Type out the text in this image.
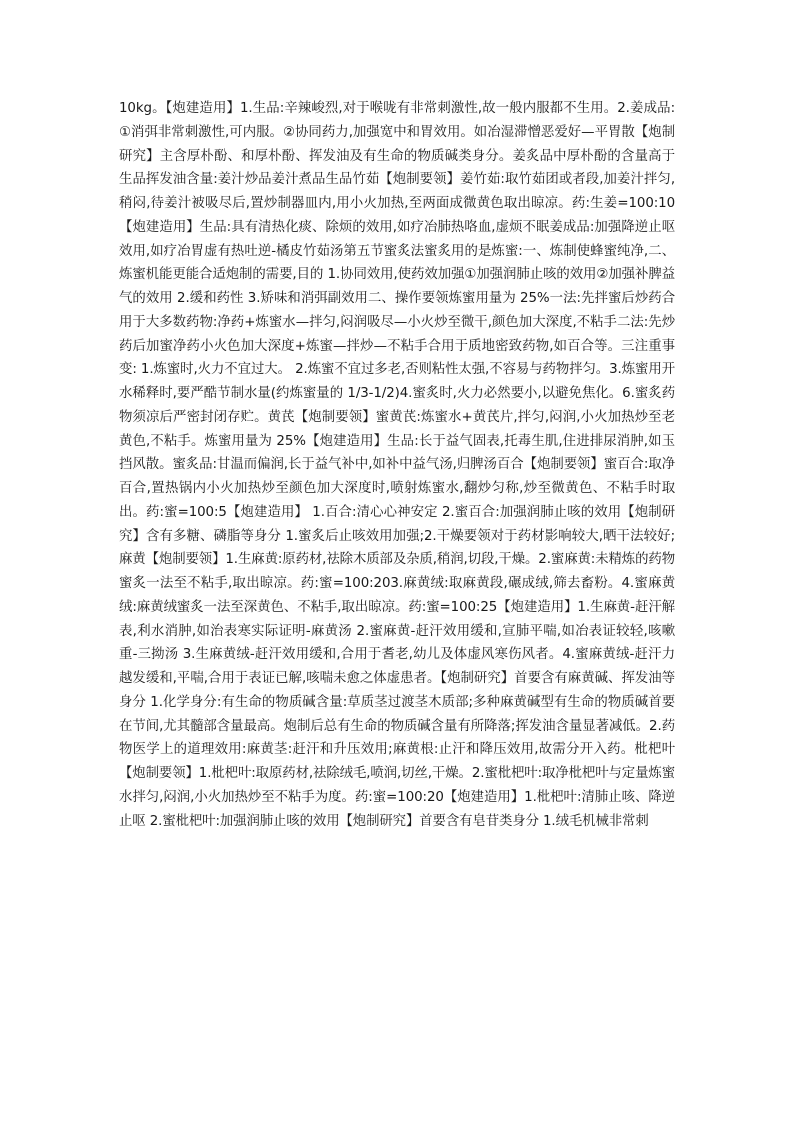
10kg。【炮建造用】1.生品:辛辣峻烈,对于喉咙有非常刺激性,故一般内服都不生用。2.姜成品:①消弭非常刺激性,可内服。②协同药力,加强宽中和胃效用。如冶湿滞憎恶爱好—平胃散【炮制研究】主含厚朴酚、和厚朴酚、挥发油及有生命的物质碱类身分。姜炙品中厚朴酚的含量高于生品挥发油含量:姜汁炒品姜汁煮品生品竹茹【炮制要领】姜竹茹:取竹茹团或者段,加姜汁拌匀,稍闷,待姜汁被吸尽后,置炒制器皿内,用小火加热,至两面成微黄色取出晾凉。药:生姜=100:10【炮建造用】生品:具有清热化痰、除烦的效用,如疗冶肺热咯血,虚烦不眠姜成品:加强降逆止呕效用,如疗冶胃虚有热吐逆-橘皮竹茹汤第五节蜜炙法蜜炙用的是炼蜜:一、炼制使蜂蜜纯净,二、炼蜜机能更能合适炮制的需要,目的 1.协同效用,使药效加强①加强润肺止咳的效用②加强补脾益气的效用 2.缓和药性 3.矫味和消弭副效用二、操作要领炼蜜用量为 25%一法:先拌蜜后炒药合用于大多数药物:净药+炼蜜水—拌匀,闷润吸尽—小火炒至微干,颜色加大深度,不粘手二法:先炒药后加蜜净药小火色加大深度+炼蜜—拌炒—不粘手合用于质地密致药物,如百合等。三注重事变: 1.炼蜜时,火力不宜过大。 2.炼蜜不宜过多老,否则粘性太强,不容易与药物拌匀。3.炼蜜用开水稀释时,要严酷节制水量(约炼蜜量的 1/3-1/2)4.蜜炙时,火力必然要小,以避免焦化。6.蜜炙药物须凉后严密封闭存贮。黄芪【炮制要领】蜜黄芪:炼蜜水+黄芪片,拌匀,闷润,小火加热炒至老黄色,不粘手。炼蜜用量为 25%【炮建造用】生品:长于益气固表,托毒生肌,住进排尿消肿,如玉挡风散。蜜炙品:甘温而偏润,长于益气补中,如补中益气汤,归脾汤百合【炮制要领】蜜百合:取净百合,置热锅内小火加热炒至颜色加大深度时,喷射炼蜜水,翻炒匀称,炒至微黄色、不粘手时取出。药:蜜=100:5【炮建造用】 1.百合:清心心神安定 2.蜜百合:加强润肺止咳的效用【炮制研究】含有多糖、磷脂等身分 1.蜜炙后止咳效用加强;2.干燥要领对于药材影响较大,晒干法较好;麻黄【炮制要领】1.生麻黄:原药材,祛除木质部及杂质,稍润,切段,干燥。2.蜜麻黄:未精炼的药物蜜炙一法至不粘手,取出晾凉。药:蜜=100:203.麻黄绒:取麻黄段,碾成绒,筛去畜粉。4.蜜麻黄绒:麻黄绒蜜炙一法至深黄色、不粘手,取出晾凉。药:蜜=100:25【炮建造用】1.生麻黄-赶汗解表,利水消肿,如治表寒实际证明-麻黄汤 2.蜜麻黄-赶汗效用缓和,宣肺平喘,如冶表证较轻,咳嗽重-三拗汤 3.生麻黄绒-赶汗效用缓和,合用于耆老,幼儿及体虚风寒伤风者。4.蜜麻黄绒-赶汗力越发缓和,平喘,合用于表证已解,咳喘未愈之体虚患者。【炮制研究】首要含有麻黄碱、挥发油等身分 1.化学身分:有生命的物质碱含量:草质茎过渡茎木质部;多种麻黄碱型有生命的物质碱首要在节间,尤其髓部含量最高。炮制后总有生命的物质碱含量有所降落;挥发油含量显著减低。2.药物医学上的道理效用:麻黄茎:赶汗和升压效用;麻黄根:止汗和降压效用,故需分开入药。枇杷叶【炮制要领】1.枇杷叶:取原药材,祛除绒毛,喷润,切丝,干燥。2.蜜枇杷叶:取净枇杷叶与定量炼蜜水拌匀,闷润,小火加热炒至不粘手为度。药:蜜=100:20【炮建造用】1.枇杷叶:清肺止咳、降逆止呕 2.蜜枇杷叶:加强润肺止咳的效用【炮制研究】首要含有皂苷类身分 1.绒毛机械非常刺
